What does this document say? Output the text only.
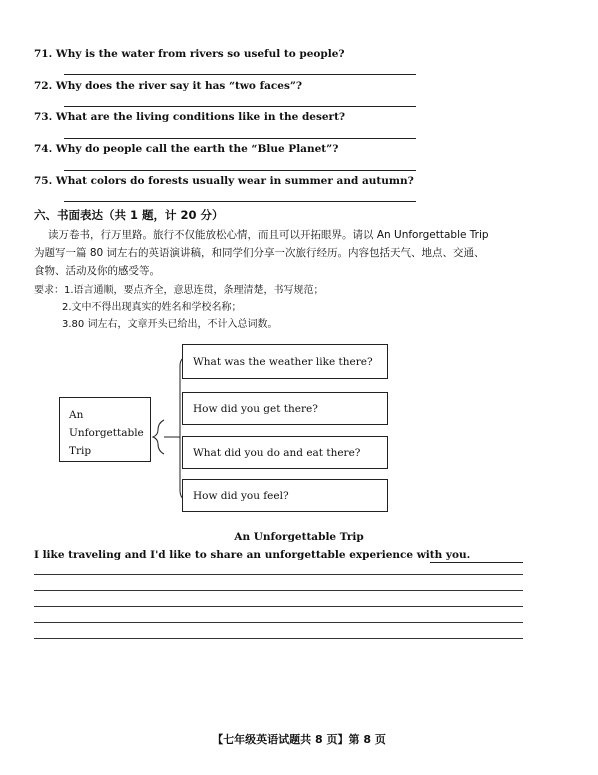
71. Why is the water from rivers so useful to people?
72. Why does the river say it has “two faces”?
73. What are the living conditions like in the desert?
74. Why do people call the earth the “Blue Planet”?
75. What colors do forests usually wear in summer and autumn?
六、书面表达（共 1 题，计 20 分）
读万卷书，行万里路。旅行不仅能放松心情，而且可以开拓眼界。请以 An Unforgettable Trip
为题写一篇 80 词左右的英语演讲稿，和同学们分享一次旅行经历。内容包括天气、地点、交通、
食物、活动及你的感受等。
要求：1.语言通顺，要点齐全，意思连贯，条理清楚，书写规范；
2.文中不得出现真实的姓名和学校名称；
3.80 词左右，文章开头已给出，不计入总词数。
An
Unforgettable
Trip
What was the weather like there?
How did you get there?
What did you do and eat there?
How did you feel?
An Unforgettable Trip
I like traveling and I'd like to share an unforgettable experience with you.
【七年级英语试题共 8 页】第 8 页
